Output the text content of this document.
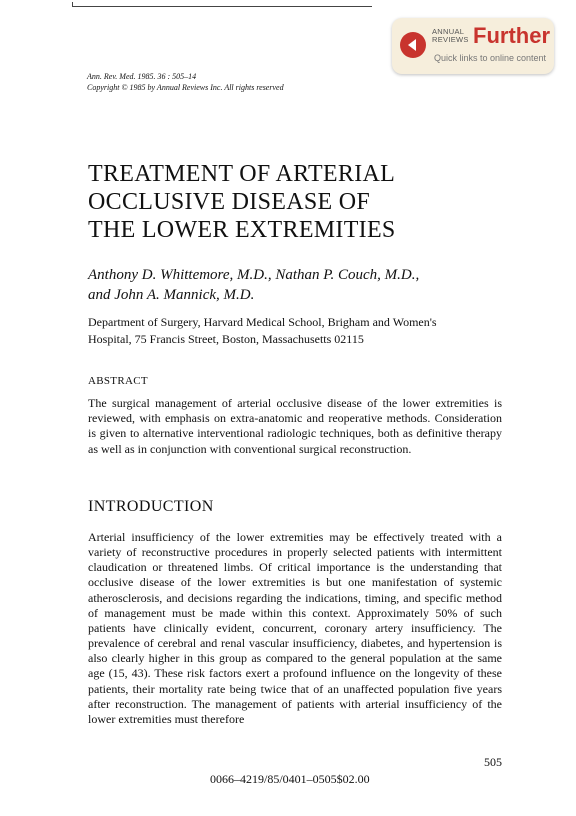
ANNUAL
REVIEWS Further
Quick links to online content
Ann. Rev. Med. 1985. 36 : 505–14
Copyright © 1985 by Annual Reviews Inc. All rights reserved
TREATMENT OF ARTERIAL
OCCLUSIVE DISEASE OF
THE LOWER EXTREMITIES
Anthony D. Whittemore, M.D., Nathan P. Couch, M.D.,
and John A. Mannick, M.D.
Department of Surgery, Harvard Medical School, Brigham and Women's
Hospital, 75 Francis Street, Boston, Massachusetts 02115
ABSTRACT

The surgical management of arterial occlusive disease of the lower extremities is reviewed, with emphasis on extra-anatomic and reoperative methods. Consideration is given to alternative interventional radiologic techniques, both as definitive therapy as well as in conjunction with conventional surgical reconstruction.

INTRODUCTION

Arterial insufficiency of the lower extremities may be effectively treated with a variety of reconstructive procedures in properly selected patients with intermittent claudication or threatened limbs. Of critical importance is the understanding that occlusive disease of the lower extremities is but one manifestation of systemic atherosclerosis, and decisions regarding the indications, timing, and specific method of management must be made within this context. Approximately 50% of such patients have clinically evident, concurrent, coronary artery insufficiency. The prevalence of cerebral and renal vascular insufficiency, diabetes, and hypertension is also clearly higher in this group as compared to the general population at the same age (15, 43). These risk factors exert a profound influence on the longevity of these patients, their mortality rate being twice that of an unaffected population five years after reconstruction. The management of patients with arterial insufficiency of the lower extremities must therefore

505
0066–4219/85/0401–0505$02.00
